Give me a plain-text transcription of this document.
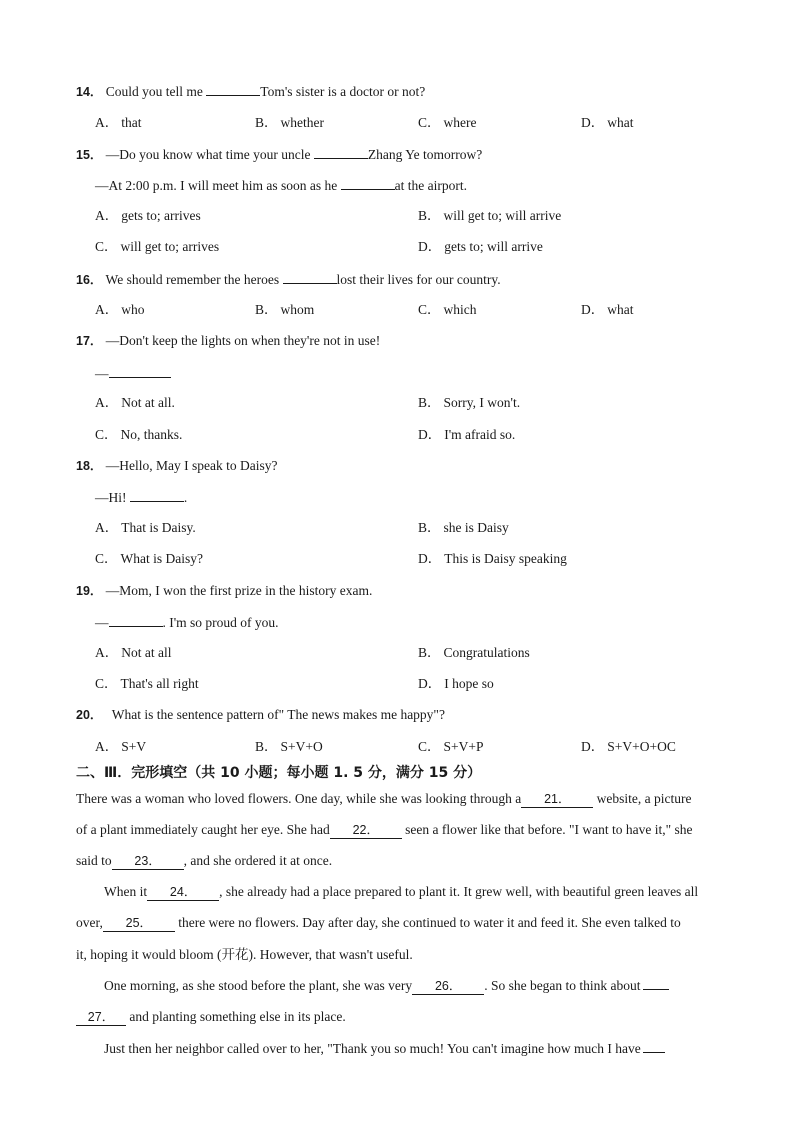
14． Could you tell me	Tom's sister is a doctor or not?
A． that	B． whether	C． where	D． what
15． —Do you know what time your uncle	Zhang Ye tomorrow?
—At 2:00 p.m. I will meet him as soon as he	at the airport.
A． gets to; arrives	B． will get to; will arrive
C． will get to; arrives	D． gets to; will arrive
16． We should remember the heroes	lost their lives for our country.
A． who	B． whom	C． which	D． what
17． —Don't keep the lights on when they're not in use!
—
A． Not at all.	B． Sorry, I won't.
C． No, thanks.	D． I'm afraid so.
18． —Hello, May I speak to Daisy?
—Hi!	.
A． That is Daisy.	B． she is Daisy
C． What is Daisy?	D． This is Daisy speaking
19． —Mom, I won the first prize in the history exam.
—	. I'm so proud of you.
A． Not at all	B． Congratulations
C． That's all right	D． I hope so
20． What is the sentence pattern of" The news makes me happy"?
A． S+V	B． S+V+O	C． S+V+P	D． S+V+O+OC
二、Ⅲ．完形填空（共 10 小题；每小题 1. 5 分，满分 15 分）
There was a woman who loved flowers. One day, while she was looking through a 21． website, a picture
of a plant immediately caught her eye. She had 22． seen a flower like that before. "I want to have it," she
said to 23． , and she ordered it at once.
When it 24． , she already had a place prepared to plant it. It grew well, with beautiful green leaves all
over, 25． there were no flowers. Day after day, she continued to water it and feed it. She even talked to
it, hoping it would bloom (开花). However, that wasn't useful.
One morning, as she stood before the plant, she was very 26． . So she began to think about
27． and planting something else in its place.
Just then her neighbor called over to her, "Thank you so much! You can't imagine how much I have
